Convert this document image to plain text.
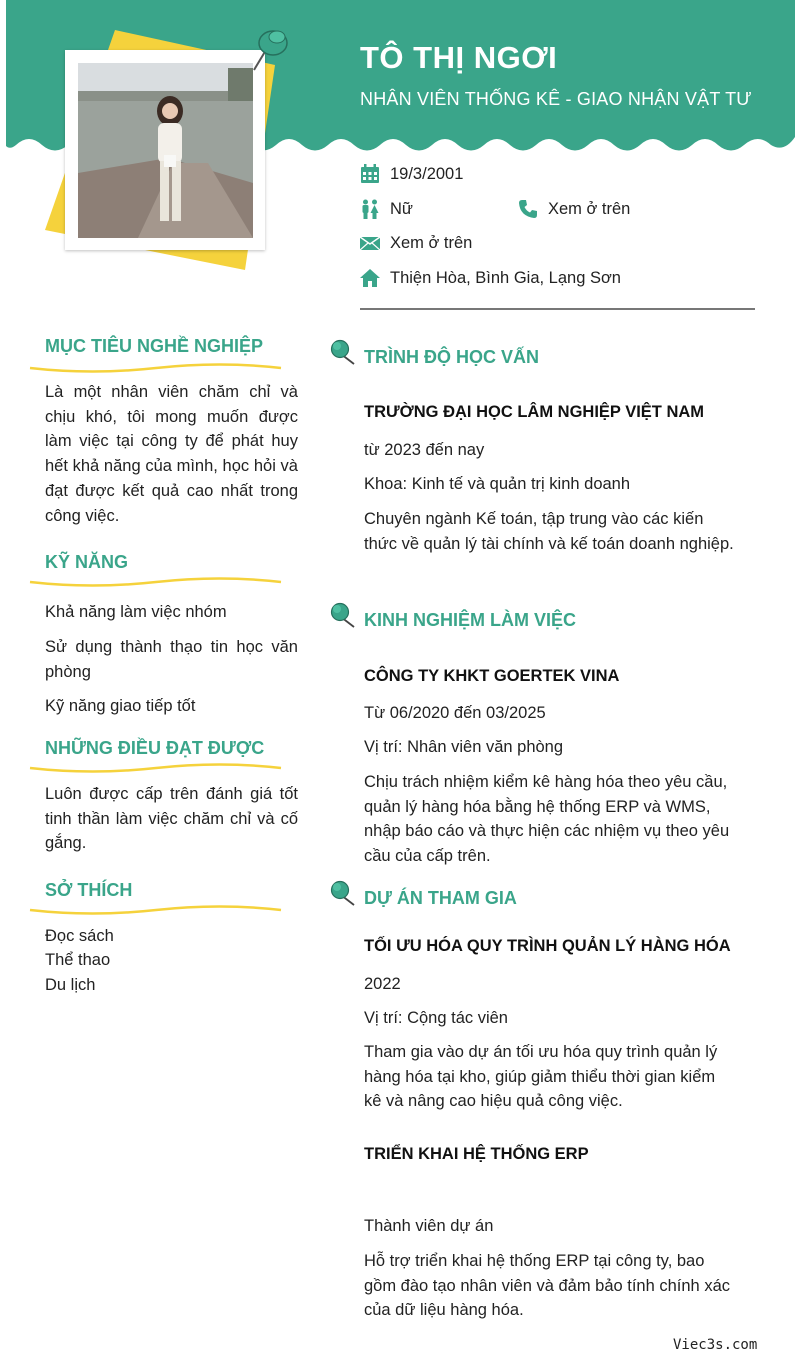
TÔ THỊ NGƠI
NHÂN VIÊN THỐNG KÊ - GIAO NHẬN VẬT TƯ
19/3/2001
Nữ	Xem ở trên
Xem ở trên
Thiện Hòa, Bình Gia, Lạng Sơn
MỤC TIÊU NGHỀ NGHIỆP
Là một nhân viên chăm chỉ và chịu khó, tôi mong muốn được làm việc tại công ty để phát huy hết khả năng của mình, học hỏi và đạt được kết quả cao nhất trong công việc.
KỸ NĂNG
Khả năng làm việc nhóm
Sử dụng thành thạo tin học văn phòng
Kỹ năng giao tiếp tốt
NHỮNG ĐIỀU ĐẠT ĐƯỢC
Luôn được cấp trên đánh giá tốt tinh thần làm việc chăm chỉ và cố gắng.
SỞ THÍCH
Đọc sách
Thể thao
Du lịch
TRÌNH ĐỘ HỌC VẤN
TRƯỜNG ĐẠI HỌC LÂM NGHIỆP VIỆT NAM
từ 2023 đến nay
Khoa: Kinh tế và quản trị kinh doanh
Chuyên ngành Kế toán, tập trung vào các kiến thức về quản lý tài chính và kế toán doanh nghiệp.
KINH NGHIỆM LÀM VIỆC
CÔNG TY KHKT GOERTEK VINA
Từ 06/2020 đến 03/2025
Vị trí: Nhân viên văn phòng
Chịu trách nhiệm kiểm kê hàng hóa theo yêu cầu, quản lý hàng hóa bằng hệ thống ERP và WMS, nhập báo cáo và thực hiện các nhiệm vụ theo yêu cầu của cấp trên.
DỰ ÁN THAM GIA
TỐI ƯU HÓA QUY TRÌNH QUẢN LÝ HÀNG HÓA
2022
Vị trí: Cộng tác viên
Tham gia vào dự án tối ưu hóa quy trình quản lý hàng hóa tại kho, giúp giảm thiểu thời gian kiểm kê và nâng cao hiệu quả công việc.
TRIỂN KHAI HỆ THỐNG ERP
Thành viên dự án
Hỗ trợ triển khai hệ thống ERP tại công ty, bao gồm đào tạo nhân viên và đảm bảo tính chính xác của dữ liệu hàng hóa.
Viec3s.com
